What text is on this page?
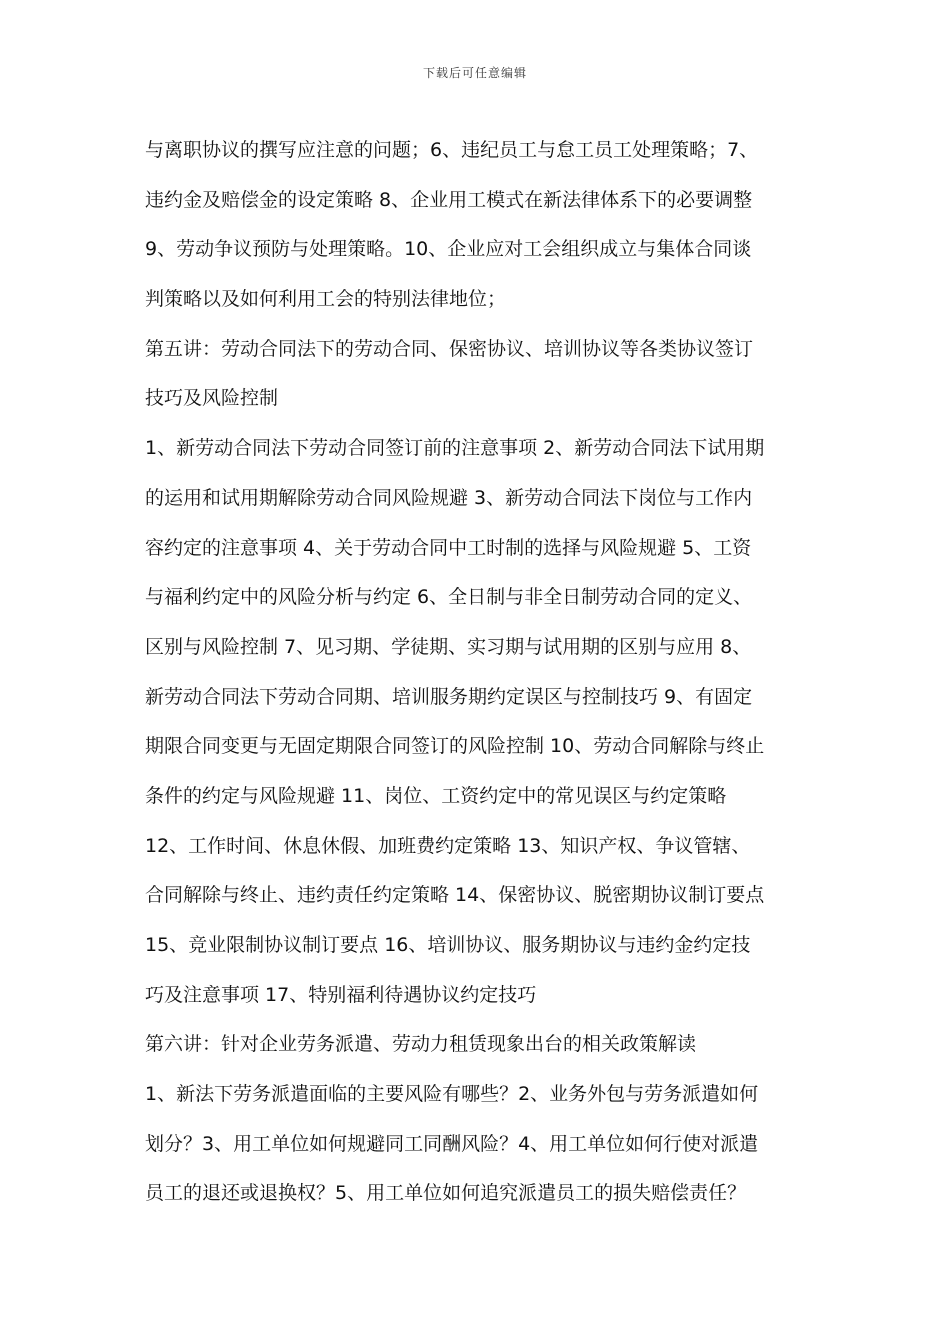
下载后可任意编辑
与离职协议的撰写应注意的问题；6、违纪员工与怠工员工处理策略；7、
违约金及赔偿金的设定策略 8、企业用工模式在新法律体系下的必要调整
9、劳动争议预防与处理策略。10、企业应对工会组织成立与集体合同谈
判策略以及如何利用工会的特别法律地位；
第五讲：劳动合同法下的劳动合同、保密协议、培训协议等各类协议签订
技巧及风险控制
1、新劳动合同法下劳动合同签订前的注意事项 2、新劳动合同法下试用期
的运用和试用期解除劳动合同风险规避 3、新劳动合同法下岗位与工作内
容约定的注意事项 4、关于劳动合同中工时制的选择与风险规避 5、工资
与福利约定中的风险分析与约定 6、全日制与非全日制劳动合同的定义、
区别与风险控制 7、见习期、学徒期、实习期与试用期的区别与应用 8、
新劳动合同法下劳动合同期、培训服务期约定误区与控制技巧 9、有固定
期限合同变更与无固定期限合同签订的风险控制 10、劳动合同解除与终止
条件的约定与风险规避 11、岗位、工资约定中的常见误区与约定策略
12、工作时间、休息休假、加班费约定策略 13、知识产权、争议管辖、
合同解除与终止、违约责任约定策略 14、保密协议、脱密期协议制订要点
15、竞业限制协议制订要点 16、培训协议、服务期协议与违约金约定技
巧及注意事项 17、特别福利待遇协议约定技巧
第六讲：针对企业劳务派遣、劳动力租赁现象出台的相关政策解读
1、新法下劳务派遣面临的主要风险有哪些？2、业务外包与劳务派遣如何
划分？3、用工单位如何规避同工同酬风险？4、用工单位如何行使对派遣
员工的退还或退换权？5、用工单位如何追究派遣员工的损失赔偿责任？
